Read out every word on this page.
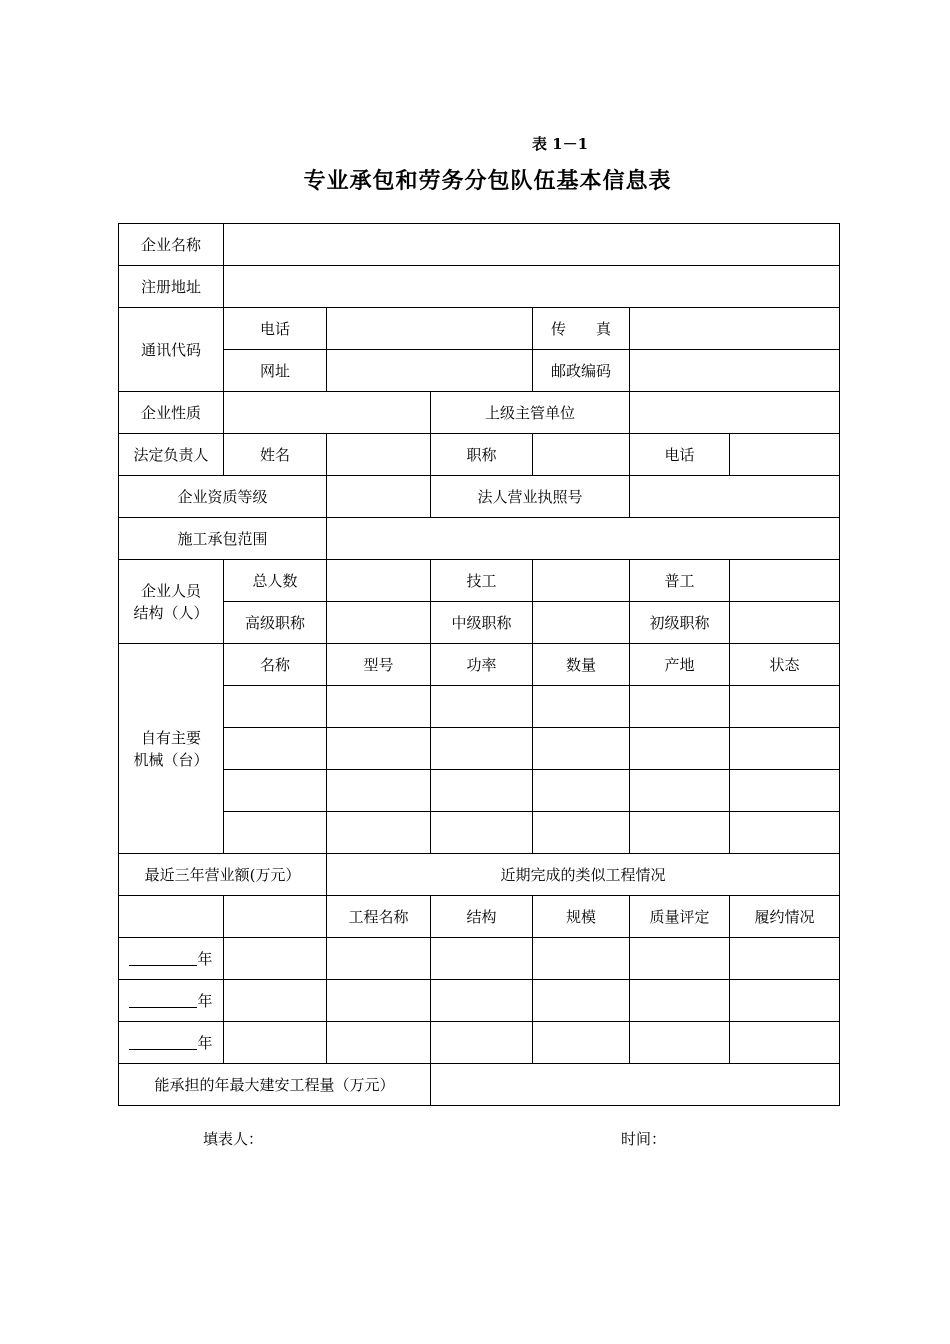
表 1－1
专业承包和劳务分包队伍基本信息表
企业名称						
注册地址						
通讯代码	电话			传　　真		
	网址			邮政编码		
企业性质			上级主管单位			
法定负责人	姓名		职称		电话	
企业资质等级			法人营业执照号			
施工承包范围						
企业人员
结构（人）	总人数		技工		普工	
	高级职称		中级职称		初级职称	
自有主要
机械（台）	名称	型号	功率	数量	产地	状态

最近三年营业额(万元）		近期完成的类似工程情况				
		工程名称	结构	规模	质量评定	履约情况
年						
年						
年						
能承担的年最大建安工程量（万元）						
填表人：	时间：
